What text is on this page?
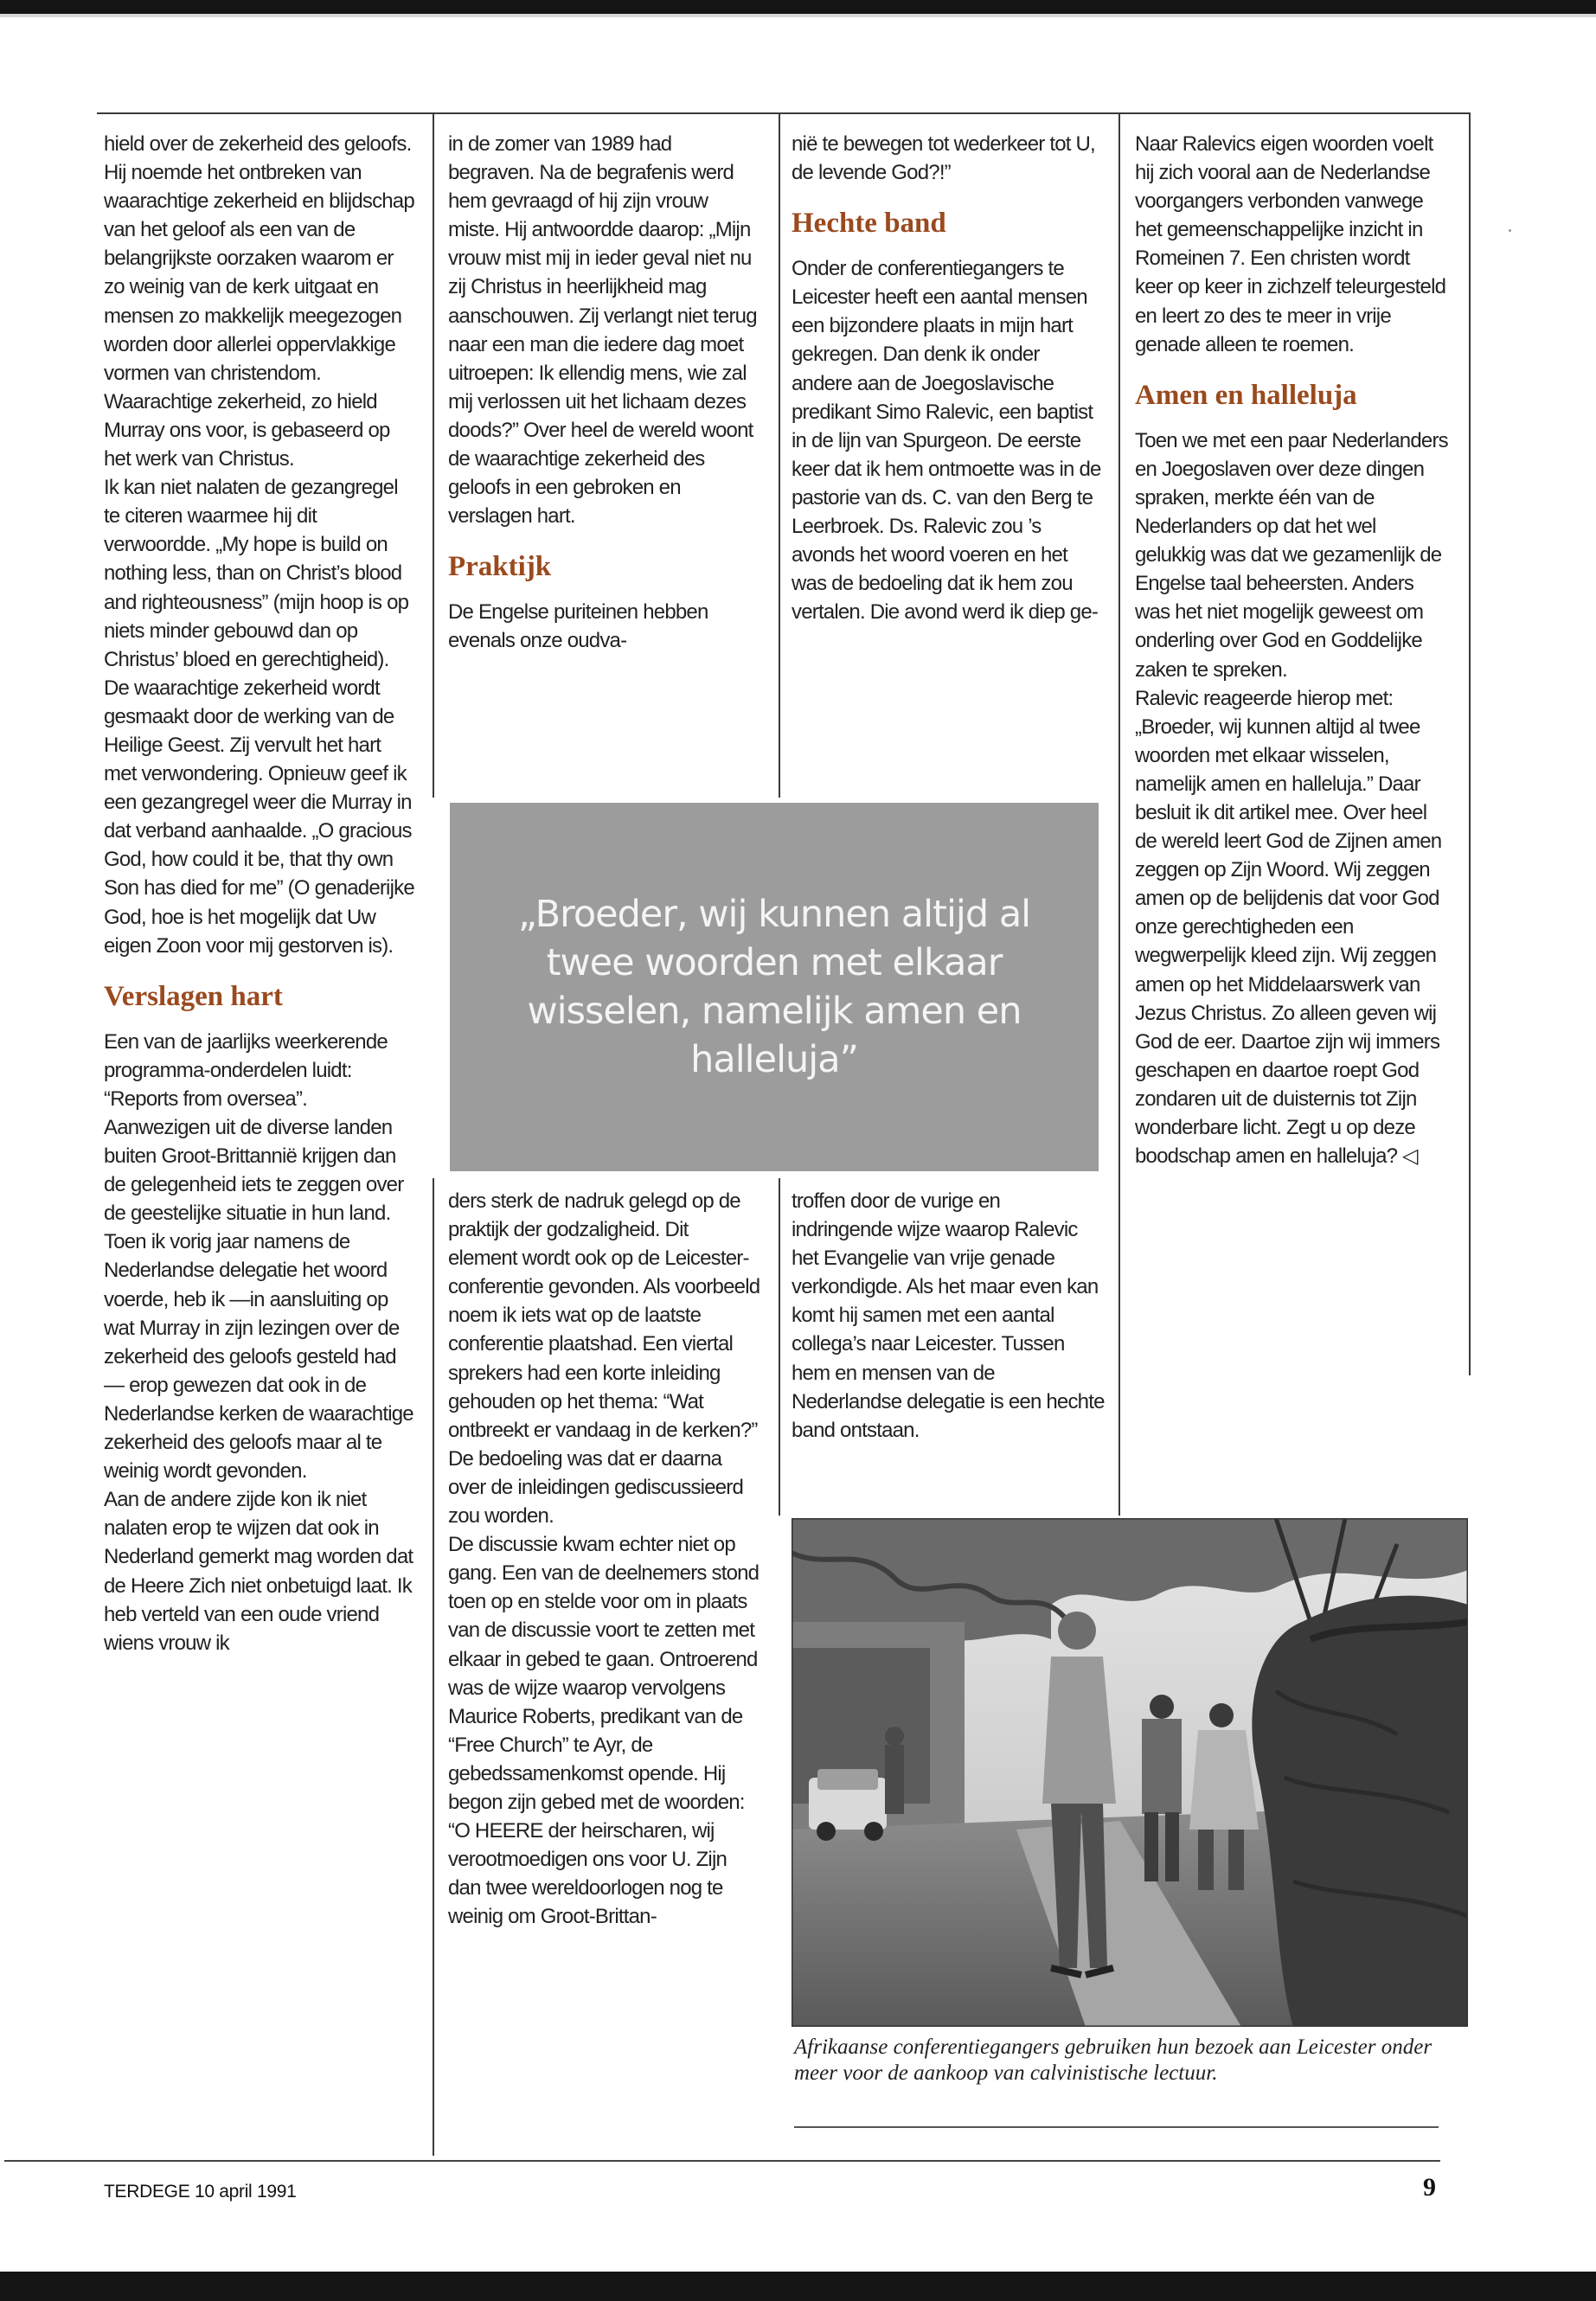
hield over de zekerheid des geloofs. Hij noemde het ontbreken van waarachtige zekerheid en blijdschap van het geloof als een van de belangrijkste oorzaken waarom er zo weinig van de kerk uitgaat en mensen zo makkelijk meegezogen worden door allerlei oppervlakkige vormen van christendom. Waarachtige zekerheid, zo hield Murray ons voor, is gebaseerd op het werk van Christus.

Ik kan niet nalaten de gezangregel te citeren waarmee hij dit verwoordde. „My hope is build on nothing less, than on Christ’s blood and righteousness” (mijn hoop is op niets minder gebouwd dan op Christus’ bloed en gerechtigheid). De waarachtige zekerheid wordt gesmaakt door de werking van de Heilige Geest. Zij vervult het hart met verwondering. Opnieuw geef ik een gezangregel weer die Murray in dat verband aanhaalde. „O gracious God, how could it be, that thy own Son has died for me” (O genaderijke God, hoe is het mogelijk dat Uw eigen Zoon voor mij gestorven is).

Verslagen hart

Een van de jaarlijks weerkerende programma-onderdelen luidt: “Reports from oversea”. Aanwezigen uit de diverse landen buiten Groot-Brittannië krijgen dan de gelegenheid iets te zeggen over de geestelijke situatie in hun land. Toen ik vorig jaar namens de Nederlandse delegatie het woord voerde, heb ik —in aansluiting op wat Murray in zijn lezingen over de zekerheid des geloofs gesteld had— erop gewezen dat ook in de Nederlandse kerken de waarachtige zekerheid des geloofs maar al te weinig wordt gevonden.

Aan de andere zijde kon ik niet nalaten erop te wijzen dat ook in Nederland gemerkt mag worden dat de Heere Zich niet onbetuigd laat. Ik heb verteld van een oude vriend wiens vrouw ik

in de zomer van 1989 had begraven. Na de begrafenis werd hem gevraagd of hij zijn vrouw miste. Hij antwoordde daarop: „Mijn vrouw mist mij in ieder geval niet nu zij Christus in heerlijkheid mag aanschouwen. Zij verlangt niet terug naar een man die iedere dag moet uitroepen: Ik ellendig mens, wie zal mij verlossen uit het lichaam dezes doods?” Over heel de wereld woont de waarachtige zekerheid des geloofs in een gebroken en verslagen hart.

Praktijk

De Engelse puriteinen hebben evenals onze oudva-

nië te bewegen tot wederkeer tot U, de levende God?!”

Hechte band

Onder de conferentiegangers te Leicester heeft een aantal mensen een bijzondere plaats in mijn hart gekregen. Dan denk ik onder andere aan de Joegoslavische predikant Simo Ralevic, een baptist in de lijn van Spurgeon. De eerste keer dat ik hem ontmoette was in de pastorie van ds. C. van den Berg te Leerbroek. Ds. Ralevic zou ’s avonds het woord voeren en het was de bedoeling dat ik hem zou vertalen. Die avond werd ik diep ge-

Naar Ralevics eigen woorden voelt hij zich vooral aan de Nederlandse voorgangers verbonden vanwege het gemeenschappelijke inzicht in Romeinen 7. Een christen wordt keer op keer in zichzelf teleurgesteld en leert zo des te meer in vrije genade alleen te roemen.

Amen en halleluja

Toen we met een paar Nederlanders en Joegoslaven over deze dingen spraken, merkte één van de Nederlanders op dat het wel gelukkig was dat we gezamenlijk de Engelse taal beheersten. Anders was het niet mogelijk geweest om onderling over God en Goddelijke zaken te spreken.

Ralevic reageerde hierop met: „Broeder, wij kunnen altijd al twee woorden met elkaar wisselen, namelijk amen en halleluja.” Daar besluit ik dit artikel mee. Over heel de wereld leert God de Zijnen amen zeggen op Zijn Woord. Wij zeggen amen op de belijdenis dat voor God onze gerechtigheden een wegwerpelijk kleed zijn. Wij zeggen amen op het Middelaarswerk van Jezus Christus. Zo alleen geven wij God de eer. Daartoe zijn wij immers geschapen en daartoe roept God zondaren uit de duisternis tot Zijn wonderbare licht. Zegt u op deze boodschap amen en halleluja? ◁

„Broeder, wij kunnen altijd al twee woorden met elkaar wisselen, namelijk amen en halleluja”

ders sterk de nadruk gelegd op de praktijk der godzaligheid. Dit element wordt ook op de Leicester-conferentie gevonden. Als voorbeeld noem ik iets wat op de laatste conferentie plaatshad. Een viertal sprekers had een korte inleiding gehouden op het thema: “Wat ontbreekt er vandaag in de kerken?” De bedoeling was dat er daarna over de inleidingen gediscussieerd zou worden.

De discussie kwam echter niet op gang. Een van de deelnemers stond toen op en stelde voor om in plaats van de discussie voort te zetten met elkaar in gebed te gaan. Ontroerend was de wijze waarop vervolgens Maurice Roberts, predikant van de “Free Church” te Ayr, de gebedssamenkomst opende. Hij begon zijn gebed met de woorden: “O HEERE der heirscharen, wij verootmoedigen ons voor U. Zijn dan twee wereldoorlogen nog te weinig om Groot-Brittan-

troffen door de vurige en indringende wijze waarop Ralevic het Evangelie van vrije genade verkondigde. Als het maar even kan komt hij samen met een aantal collega’s naar Leicester. Tussen hem en mensen van de Nederlandse delegatie is een hechte band ontstaan.

Afrikaanse conferentiegangers gebruiken hun bezoek aan Leicester onder meer voor de aankoop van calvinistische lectuur.
TERDEGE 10 april 1991	9
